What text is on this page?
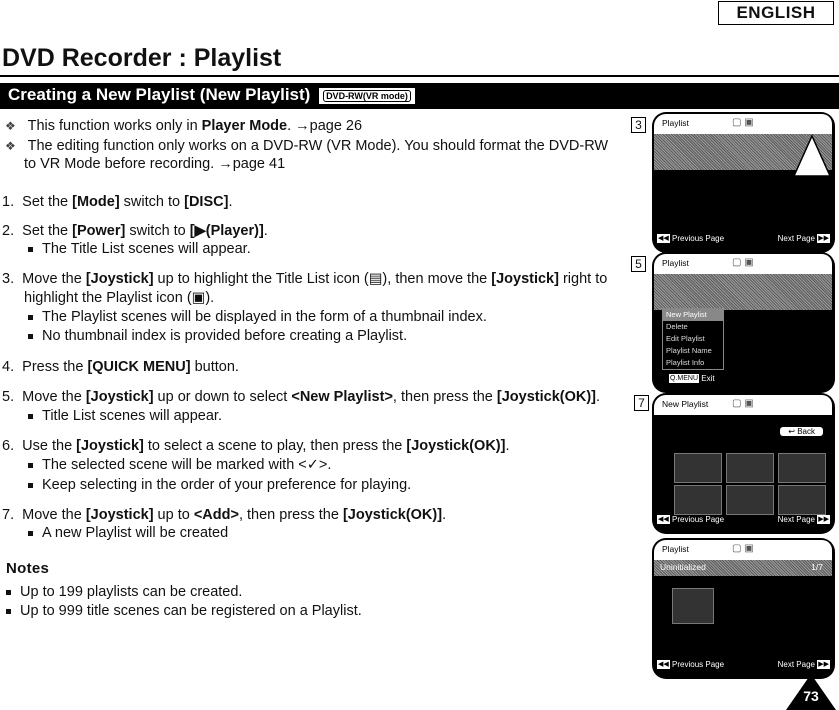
ENGLISH
DVD Recorder : Playlist
Creating a New Playlist (New Playlist) DVD-RW(VR mode)
❖ This function works only in Player Mode. →page 26
❖ The editing function only works on a DVD-RW (VR Mode). You should format the DVD-RW
to VR Mode before recording. →page 41
1. Set the [Mode] switch to [DISC].
2. Set the [Power] switch to [▶(Player)].
The Title List scenes will appear.
3. Move the [Joystick] up to highlight the Title List icon (▤), then move the [Joystick] right to
highlight the Playlist icon (▣).
The Playlist scenes will be displayed in the form of a thumbnail index.
No thumbnail index is provided before creating a Playlist.
4. Press the [QUICK MENU] button.
5. Move the [Joystick] up or down to select <New Playlist>, then press the [Joystick(OK)].
Title List scenes will appear.
6. Use the [Joystick] to select a scene to play, then press the [Joystick(OK)].
The selected scene will be marked with <✓>.
Keep selecting in the order of your preference for playing.
7. Move the [Joystick] up to <Add>, then press the [Joystick(OK)].
A new Playlist will be created
Notes
Up to 199 playlists can be created.
Up to 999 title scenes can be registered on a Playlist.
3
5
7
Playlist	▢ ▣
◀◀ Previous Page	Next Page ▶▶
Playlist	▢ ▣
New Playlist
Delete
Edit Playlist
Playlist Name
Playlist Info
Q.MENU Exit
New Playlist ▢ ▣
↩ Back
◀◀ Previous Page	Next Page ▶▶
Playlist	▢ ▣
Uninitialized	1/7
◀◀ Previous Page	Next Page ▶▶
73
